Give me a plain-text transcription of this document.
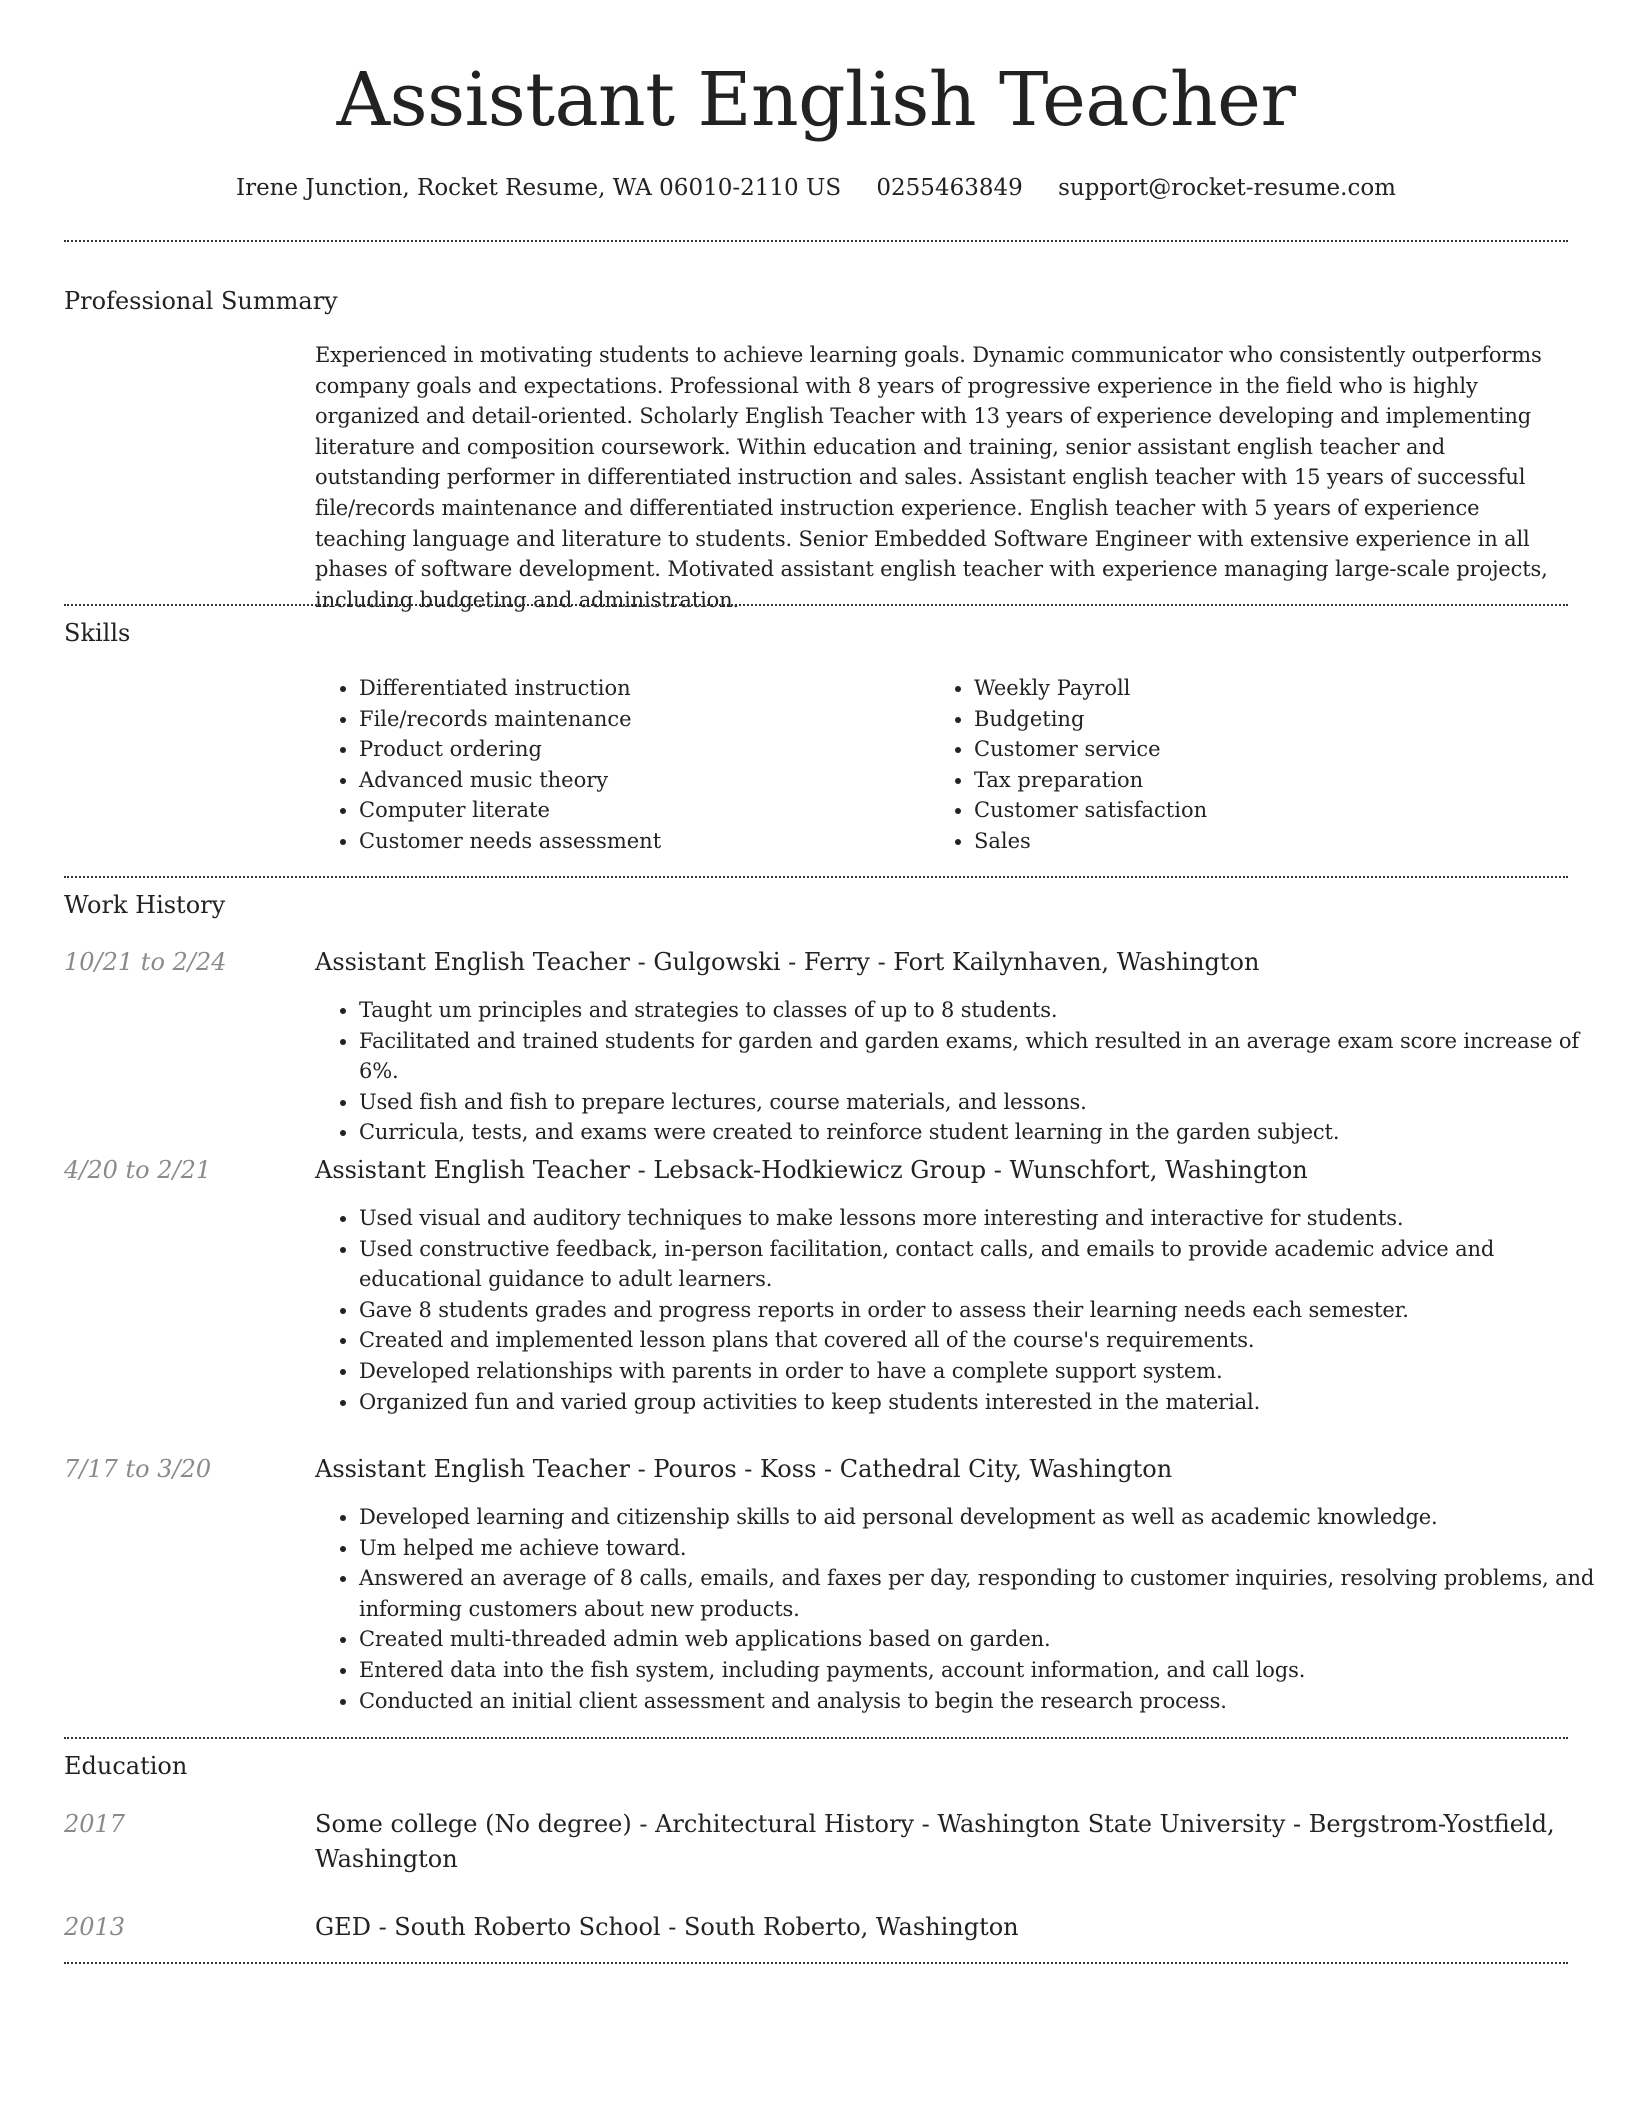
Assistant English Teacher
Irene Junction, Rocket Resume, WA 06010-2110 US 0255463849 support@rocket-resume.com
Professional Summary

Experienced in motivating students to achieve learning goals. Dynamic communicator who consistently outperforms company goals and expectations. Professional with 8 years of progressive experience in the field who is highly organized and detail-oriented. Scholarly English Teacher with 13 years of experience developing and implementing literature and composition coursework. Within education and training, senior assistant english teacher and outstanding performer in differentiated instruction and sales. Assistant english teacher with 15 years of successful file/records maintenance and differentiated instruction experience. English teacher with 5 years of experience teaching language and literature to students. Senior Embedded Software Engineer with extensive experience in all phases of software development. Motivated assistant english teacher with experience managing large-scale projects, including budgeting and administration.

Skills
• Differentiated instruction
• File/records maintenance
• Product ordering
• Advanced music theory
• Computer literate
• Customer needs assessment
• Weekly Payroll
• Budgeting
• Customer service
• Tax preparation
• Customer satisfaction
• Sales
Work History
10/21 to 2/24	Assistant English Teacher - Gulgowski - Ferry - Fort Kailynhaven, Washington
• Taught um principles and strategies to classes of up to 8 students.
• Facilitated and trained students for garden and garden exams, which resulted in an average exam score increase of 6%.
• Used fish and fish to prepare lectures, course materials, and lessons.
• Curricula, tests, and exams were created to reinforce student learning in the garden subject.
4/20 to 2/21	Assistant English Teacher - Lebsack-Hodkiewicz Group - Wunschfort, Washington
• Used visual and auditory techniques to make lessons more interesting and interactive for students.
• Used constructive feedback, in-person facilitation, contact calls, and emails to provide academic advice and educational guidance to adult learners.
• Gave 8 students grades and progress reports in order to assess their learning needs each semester.
• Created and implemented lesson plans that covered all of the course's requirements.
• Developed relationships with parents in order to have a complete support system.
• Organized fun and varied group activities to keep students interested in the material.
7/17 to 3/20	Assistant English Teacher - Pouros - Koss - Cathedral City, Washington
• Developed learning and citizenship skills to aid personal development as well as academic knowledge.
• Um helped me achieve toward.
• Answered an average of 8 calls, emails, and faxes per day, responding to customer inquiries, resolving problems, and informing customers about new products.
• Created multi-threaded admin web applications based on garden.
• Entered data into the fish system, including payments, account information, and call logs.
• Conducted an initial client assessment and analysis to begin the research process.
Education
2017	Some college (No degree) - Architectural History - Washington State University - Bergstrom-Yostfield, Washington
2013	GED - South Roberto School - South Roberto, Washington
